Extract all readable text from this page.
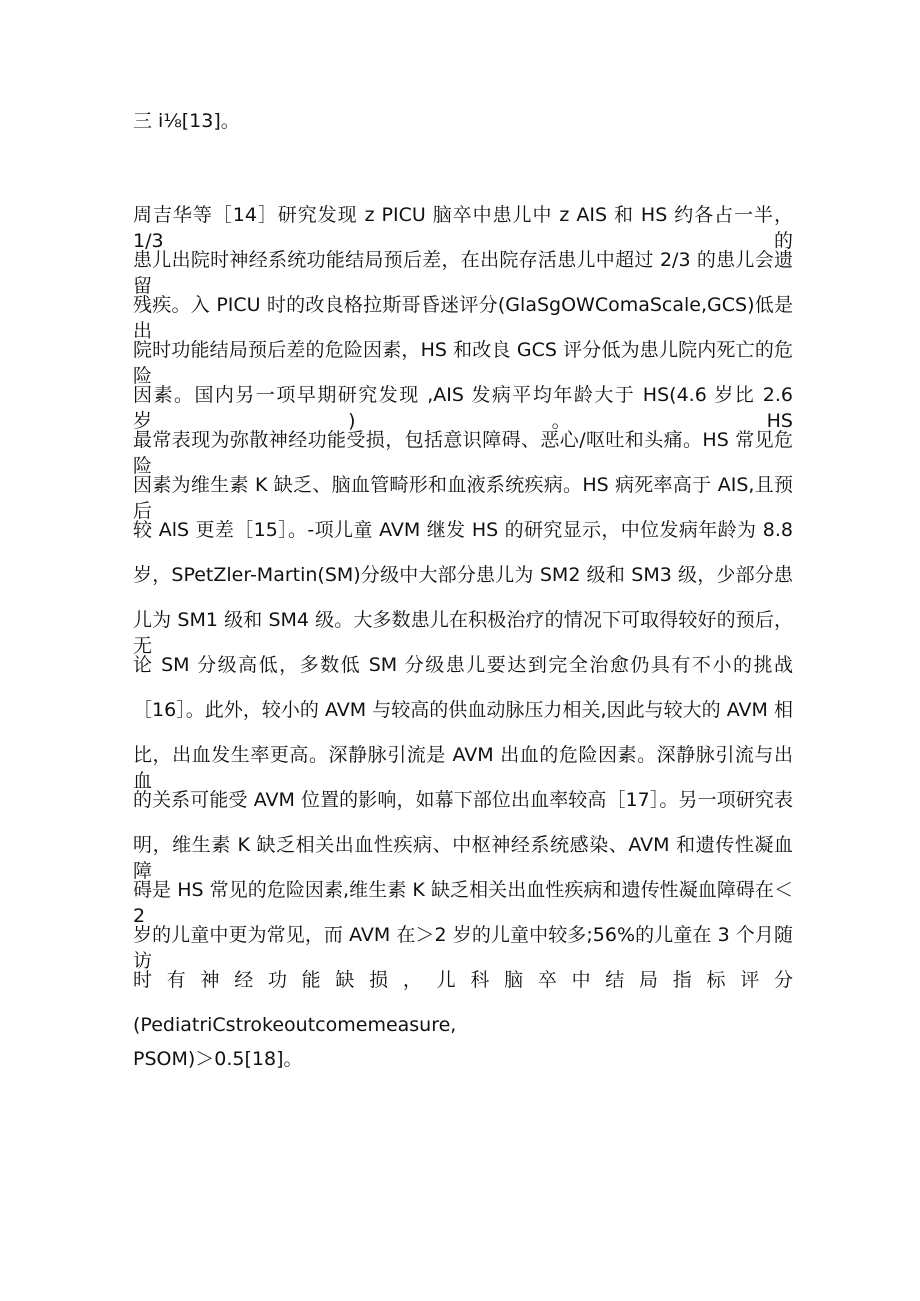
三 i⅛[13]。
周吉华等［14］研究发现 z PICU 脑卒中患儿中 z AIS 和 HS 约各占一半，1/3 的
患儿出院时神经系统功能结局预后差，在出院存活患儿中超过 2/3 的患儿会遗留
残疾。入 PICU 时的改良格拉斯哥昏迷评分(GlaSgOWComaScale,GCS)低是出
院时功能结局预后差的危险因素，HS 和改良 GCS 评分低为患儿院内死亡的危险
因素。国内另一项早期研究发现 ,AIS 发病平均年龄大于 HS(4.6 岁比 2.6 岁)。HS
最常表现为弥散神经功能受损，包括意识障碍、恶心/呕吐和头痛。HS 常见危险
因素为维生素 K 缺乏、脑血管畸形和血液系统疾病。HS 病死率高于 AIS,且预后
较 AlS 更差［15］。-项儿童 AVM 继发 HS 的研究显示，中位发病年龄为 8.8
岁，SPetZler-Martin(SM)分级中大部分患儿为 SM2 级和 SM3 级，少部分患
儿为 SM1 级和 SM4 级。大多数患儿在积极治疗的情况下可取得较好的预后，无
论 SM 分级高低，多数低 SM 分级患儿要达到完全治愈仍具有不小的挑战
［16］。此外，较小的 AVM 与较高的供血动脉压力相关,因此与较大的 AVM 相
比，出血发生率更高。深静脉引流是 AVM 出血的危险因素。深静脉引流与出血
的关系可能受 AVM 位置的影响，如幕下部位出血率较高［17］。另一项研究表
明，维生素 K 缺乏相关出血性疾病、中枢神经系统感染、AVM 和遗传性凝血障
碍是 HS 常见的危险因素,维生素 K 缺乏相关出血性疾病和遗传性凝血障碍在＜2
岁的儿童中更为常见，而 AVM 在＞2 岁的儿童中较多;56%的儿童在 3 个月随访
时有神经功能缺损，儿科脑卒中结局指标评分
(PediatriCstrokeoutcomemeasure,
PSOM)＞0.5[18]。
